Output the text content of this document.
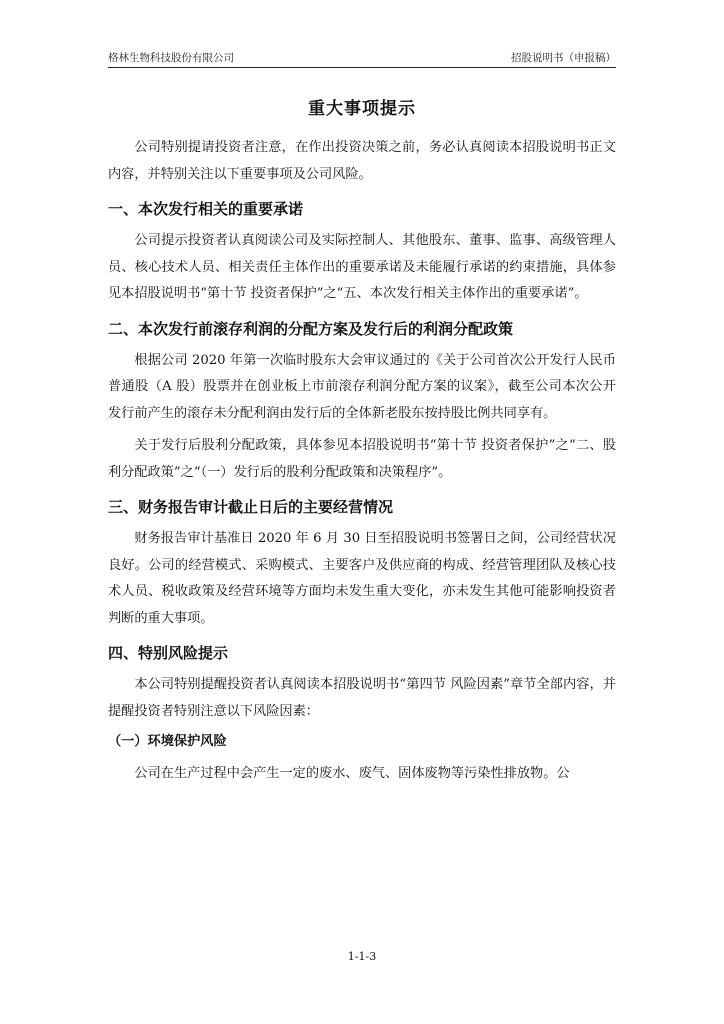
格林生物科技股份有限公司	招股说明书（申报稿）
重大事项提示

公司特别提请投资者注意，在作出投资决策之前，务必认真阅读本招股说明书正文内容，并特别关注以下重要事项及公司风险。

一、本次发行相关的重要承诺

公司提示投资者认真阅读公司及实际控制人、其他股东、董事、监事、高级管理人员、核心技术人员、相关责任主体作出的重要承诺及未能履行承诺的约束措施，具体参见本招股说明书“第十节 投资者保护”之“五、本次发行相关主体作出的重要承诺”。

二、本次发行前滚存利润的分配方案及发行后的利润分配政策

根据公司 2020 年第一次临时股东大会审议通过的《关于公司首次公开发行人民币普通股（A 股）股票并在创业板上市前滚存利润分配方案的议案》，截至公司本次公开发行前产生的滚存未分配利润由发行后的全体新老股东按持股比例共同享有。

关于发行后股利分配政策，具体参见本招股说明书“第十节 投资者保护”之“二、股利分配政策”之“（一）发行后的股利分配政策和决策程序”。

三、财务报告审计截止日后的主要经营情况

财务报告审计基准日 2020 年 6 月 30 日至招股说明书签署日之间，公司经营状况良好。公司的经营模式、采购模式、主要客户及供应商的构成、经营管理团队及核心技术人员、税收政策及经营环境等方面均未发生重大变化，亦未发生其他可能影响投资者判断的重大事项。

四、特别风险提示

本公司特别提醒投资者认真阅读本招股说明书“第四节 风险因素”章节全部内容，并提醒投资者特别注意以下风险因素：

（一）环境保护风险

公司在生产过程中会产生一定的废水、废气、固体废物等污染性排放物。公

1-1-3
